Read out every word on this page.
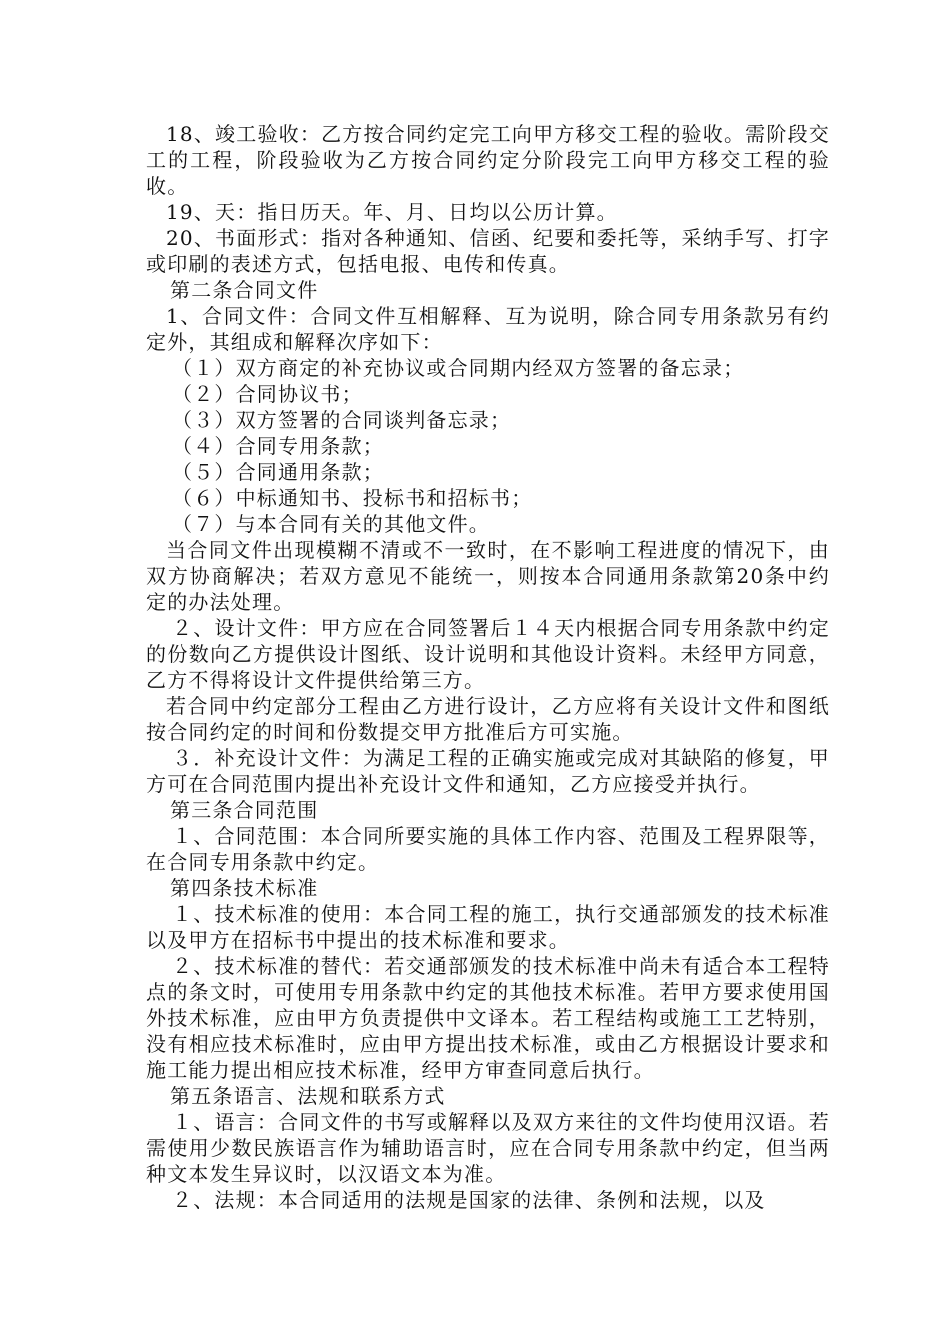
18、竣工验收：乙方按合同约定完工向甲方移交工程的验收。需阶段交工的工程，阶段验收为乙方按合同约定分阶段完工向甲方移交工程的验收。

19、天：指日历天。年、月、日均以公历计算。

20、书面形式：指对各种通知、信函、纪要和委托等，采纳手写、打字或印刷的表述方式，包括电报、电传和传真。

第二条合同文件

1、合同文件：合同文件互相解释、互为说明，除合同专用条款另有约定外，其组成和解释次序如下：

（１）双方商定的补充协议或合同期内经双方签署的备忘录；

（２）合同协议书；

（３）双方签署的合同谈判备忘录；

（４）合同专用条款；

（５）合同通用条款；

（６）中标通知书、投标书和招标书；

（７）与本合同有关的其他文件。

当合同文件出现模糊不清或不一致时，在不影响工程进度的情况下，由双方协商解决；若双方意见不能统一，则按本合同通用条款第20条中约定的办法处理。

２、设计文件：甲方应在合同签署后１４天内根据合同专用条款中约定的份数向乙方提供设计图纸、设计说明和其他设计资料。未经甲方同意，乙方不得将设计文件提供给第三方。

若合同中约定部分工程由乙方进行设计，乙方应将有关设计文件和图纸按合同约定的时间和份数提交甲方批准后方可实施。

３．补充设计文件：为满足工程的正确实施或完成对其缺陷的修复，甲方可在合同范围内提出补充设计文件和通知，乙方应接受并执行。

第三条合同范围

１、合同范围：本合同所要实施的具体工作内容、范围及工程界限等，在合同专用条款中约定。

第四条技术标准

１、技术标准的使用：本合同工程的施工，执行交通部颁发的技术标准以及甲方在招标书中提出的技术标准和要求。

２、技术标准的替代：若交通部颁发的技术标准中尚未有适合本工程特点的条文时，可使用专用条款中约定的其他技术标准。若甲方要求使用国外技术标准，应由甲方负责提供中文译本。若工程结构或施工工艺特别，没有相应技术标准时，应由甲方提出技术标准，或由乙方根据设计要求和施工能力提出相应技术标准，经甲方审查同意后执行。

第五条语言、法规和联系方式

１、语言：合同文件的书写或解释以及双方来往的文件均使用汉语。若需使用少数民族语言作为辅助语言时，应在合同专用条款中约定，但当两种文本发生异议时，以汉语文本为准。

２、法规：本合同适用的法规是国家的法律、条例和法规，以及
